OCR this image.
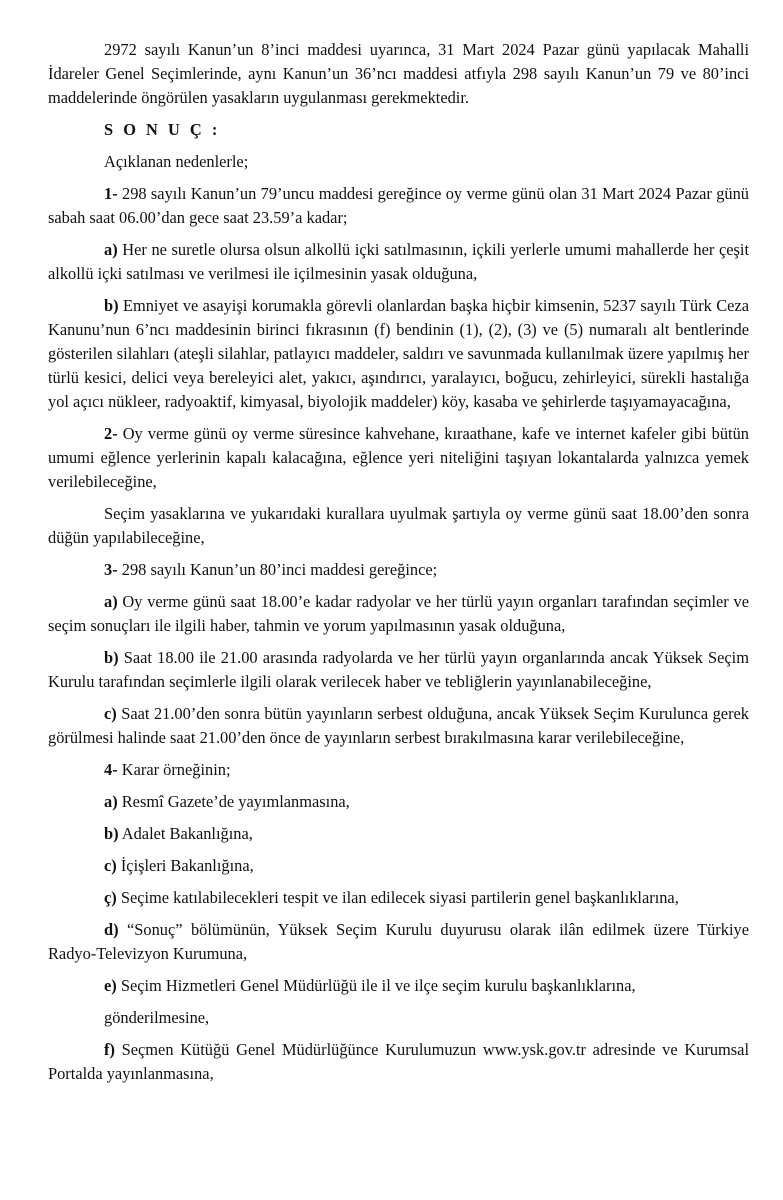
2972 sayılı Kanun’un 8’inci maddesi uyarınca, 31 Mart 2024 Pazar günü yapılacak Mahalli İdareler Genel Seçimlerinde, aynı Kanun’un 36’ncı maddesi atfıyla 298 sayılı Kanun’un 79 ve 80’inci maddelerinde öngörülen yasakların uygulanması gerekmektedir.

S O N U Ç :

Açıklanan nedenlerle;

1- 298 sayılı Kanun’un 79’uncu maddesi gereğince oy verme günü olan 31 Mart 2024 Pazar günü sabah saat 06.00’dan gece saat 23.59’a kadar;

a) Her ne suretle olursa olsun alkollü içki satılmasının, içkili yerlerle umumi mahallerde her çeşit alkollü içki satılması ve verilmesi ile içilmesinin yasak olduğuna,

b) Emniyet ve asayişi korumakla görevli olanlardan başka hiçbir kimsenin, 5237 sayılı Türk Ceza Kanunu’nun 6’ncı maddesinin birinci fıkrasının (f) bendinin (1), (2), (3) ve (5) numaralı alt bentlerinde gösterilen silahları (ateşli silahlar, patlayıcı maddeler, saldırı ve savunmada kullanılmak üzere yapılmış her türlü kesici, delici veya bereleyici alet, yakıcı, aşındırıcı, yaralayıcı, boğucu, zehirleyici, sürekli hastalığa yol açıcı nükleer, radyoaktif, kimyasal, biyolojik maddeler) köy, kasaba ve şehirlerde taşıyamayacağına,

2- Oy verme günü oy verme süresince kahvehane, kıraathane, kafe ve internet kafeler gibi bütün umumi eğlence yerlerinin kapalı kalacağına, eğlence yeri niteliğini taşıyan lokantalarda yalnızca yemek verilebileceğine,

Seçim yasaklarına ve yukarıdaki kurallara uyulmak şartıyla oy verme günü saat 18.00’den sonra düğün yapılabileceğine,

3- 298 sayılı Kanun’un 80’inci maddesi gereğince;

a) Oy verme günü saat 18.00’e kadar radyolar ve her türlü yayın organları tarafından seçimler ve seçim sonuçları ile ilgili haber, tahmin ve yorum yapılmasının yasak olduğuna,

b) Saat 18.00 ile 21.00 arasında radyolarda ve her türlü yayın organlarında ancak Yüksek Seçim Kurulu tarafından seçimlerle ilgili olarak verilecek haber ve tebliğlerin yayınlanabileceğine,

c) Saat 21.00’den sonra bütün yayınların serbest olduğuna, ancak Yüksek Seçim Kurulunca gerek görülmesi halinde saat 21.00’den önce de yayınların serbest bırakılmasına karar verilebileceğine,

4- Karar örneğinin;

a) Resmî Gazete’de yayımlanmasına,

b) Adalet Bakanlığına,

c) İçişleri Bakanlığına,

ç) Seçime katılabilecekleri tespit ve ilan edilecek siyasi partilerin genel başkanlıklarına,

d) “Sonuç” bölümünün, Yüksek Seçim Kurulu duyurusu olarak ilân edilmek üzere Türkiye Radyo-Televizyon Kurumuna,

e) Seçim Hizmetleri Genel Müdürlüğü ile il ve ilçe seçim kurulu başkanlıklarına,

gönderilmesine,

f) Seçmen Kütüğü Genel Müdürlüğünce Kurulumuzun www.ysk.gov.tr adresinde ve Kurumsal Portalda yayınlanmasına,
